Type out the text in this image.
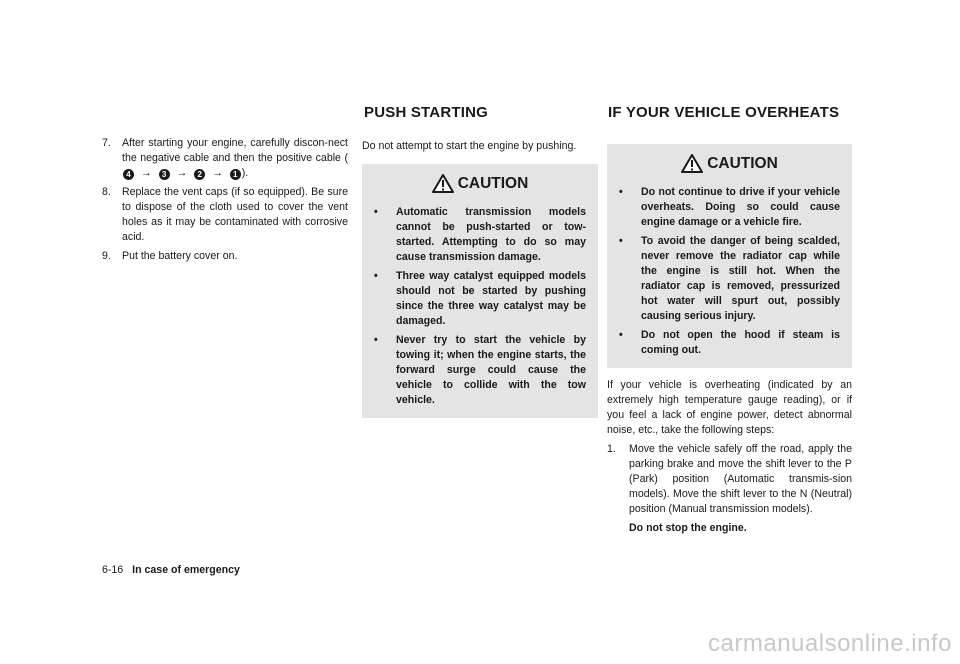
PUSH STARTING	IF YOUR VEHICLE OVERHEATS
7. After starting your engine, carefully discon-nect the negative cable and then the positive cable (4 → 3 → 2 → 1 ).
8. Replace the vent caps (if so equipped). Be sure to dispose of the cloth used to cover the vent holes as it may be contaminated with corrosive acid.
9. Put the battery cover on.

Do not attempt to start the engine by pushing.

CAUTION
• Automatic transmission models cannot be push-started or tow-started. Attempting to do so may cause transmission damage.
• Three way catalyst equipped models should not be started by pushing since the three way catalyst may be damaged.
• Never try to start the vehicle by towing it; when the engine starts, the forward surge could cause the vehicle to collide with the tow vehicle.
CAUTION
• Do not continue to drive if your vehicle overheats. Doing so could cause engine damage or a vehicle fire.
• To avoid the danger of being scalded, never remove the radiator cap while the engine is still hot. When the radiator cap is removed, pressurized hot water will spurt out, possibly causing serious injury.
• Do not open the hood if steam is coming out.

If your vehicle is overheating (indicated by an extremely high temperature gauge reading), or if you feel a lack of engine power, detect abnormal noise, etc., take the following steps:

1. Move the vehicle safely off the road, apply the parking brake and move the shift lever to the P (Park) position (Automatic transmis-sion models). Move the shift lever to the N (Neutral) position (Manual transmission models).
Do not stop the engine.
6-16 In case of emergency
carmanualsonline.info
